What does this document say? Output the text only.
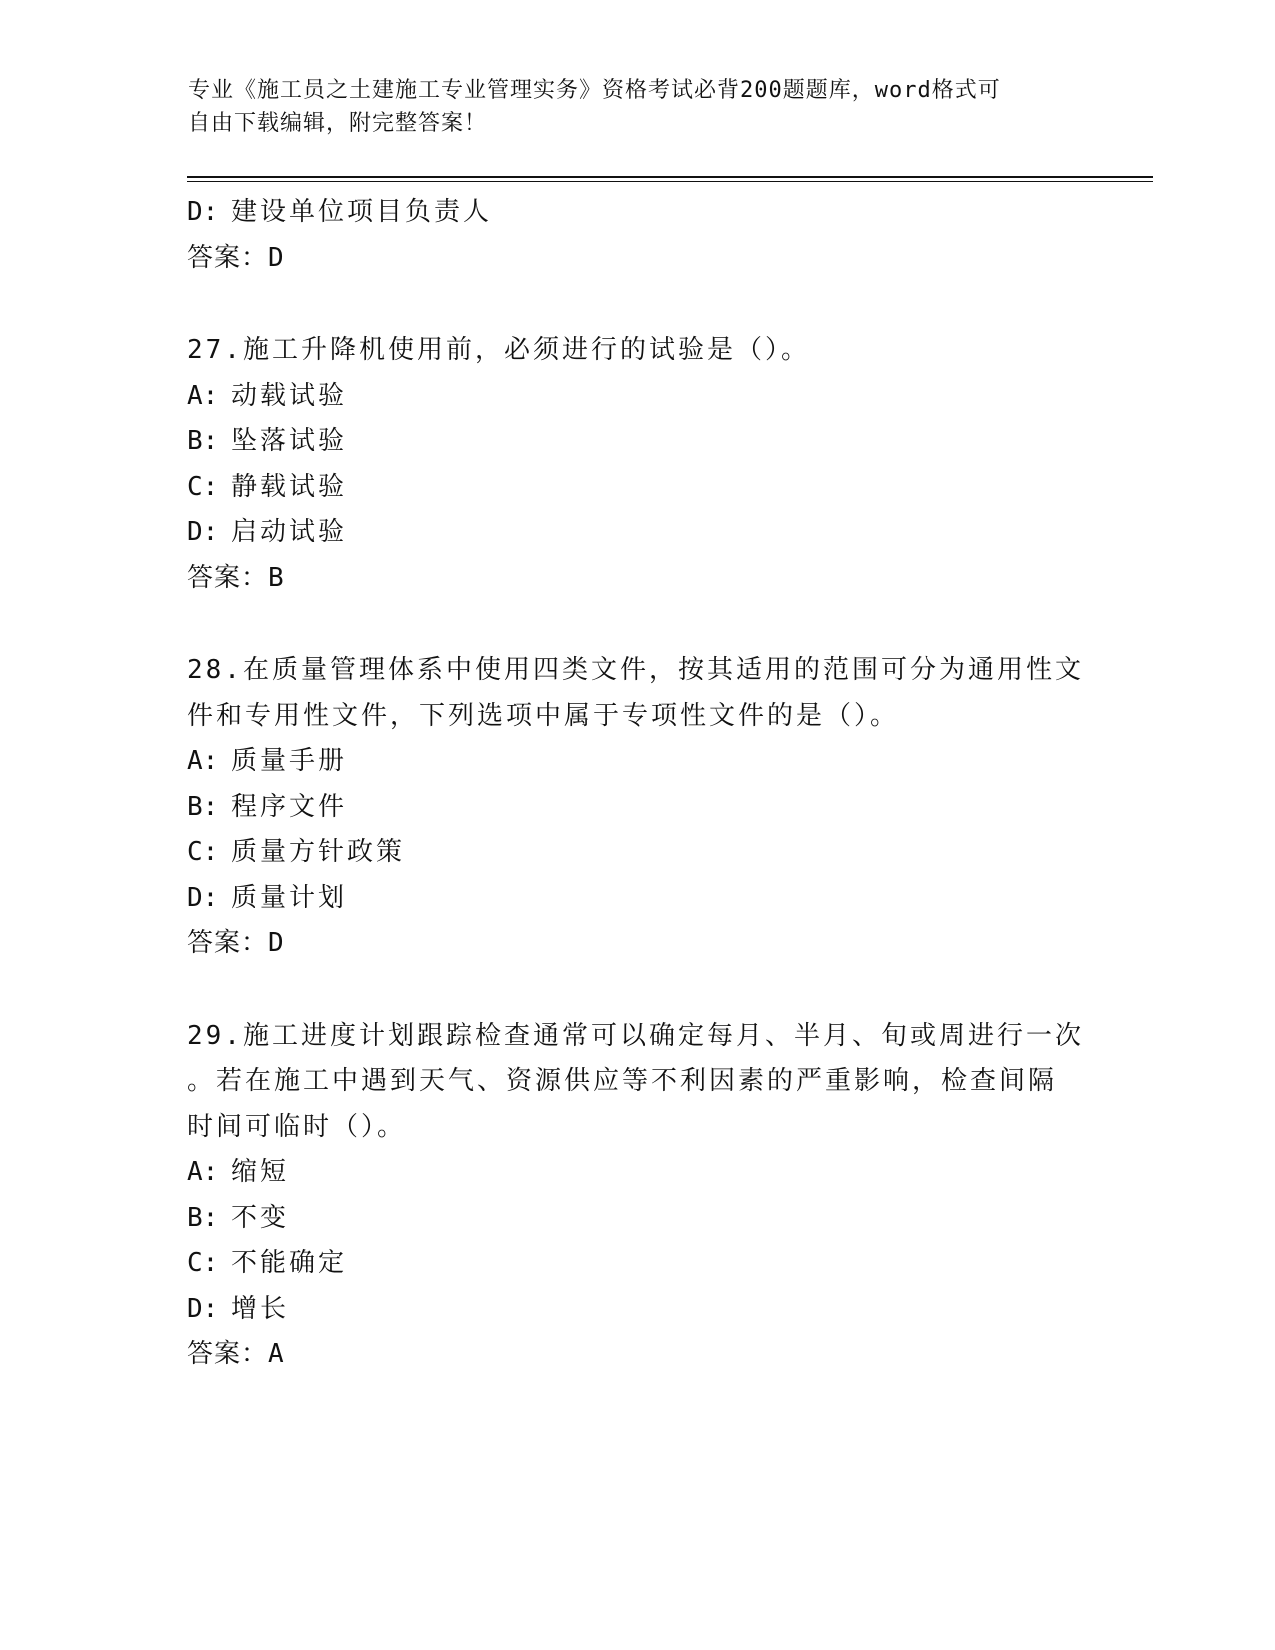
专业《施工员之土建施工专业管理实务》资格考试必背200题题库，word格式可
自由下载编辑，附完整答案！
D: 建设单位项目负责人
答案：D
27.施工升降机使用前，必须进行的试验是（）。
A: 动载试验
B: 坠落试验
C: 静载试验
D: 启动试验
答案：B
28.在质量管理体系中使用四类文件，按其适用的范围可分为通用性文
件和专用性文件，下列选项中属于专项性文件的是（）。
A: 质量手册
B: 程序文件
C: 质量方针政策
D: 质量计划
答案：D
29.施工进度计划跟踪检查通常可以确定每月、半月、旬或周进行一次
。若在施工中遇到天气、资源供应等不利因素的严重影响，检查间隔
时间可临时（）。
A: 缩短
B: 不变
C: 不能确定
D: 增长
答案：A
